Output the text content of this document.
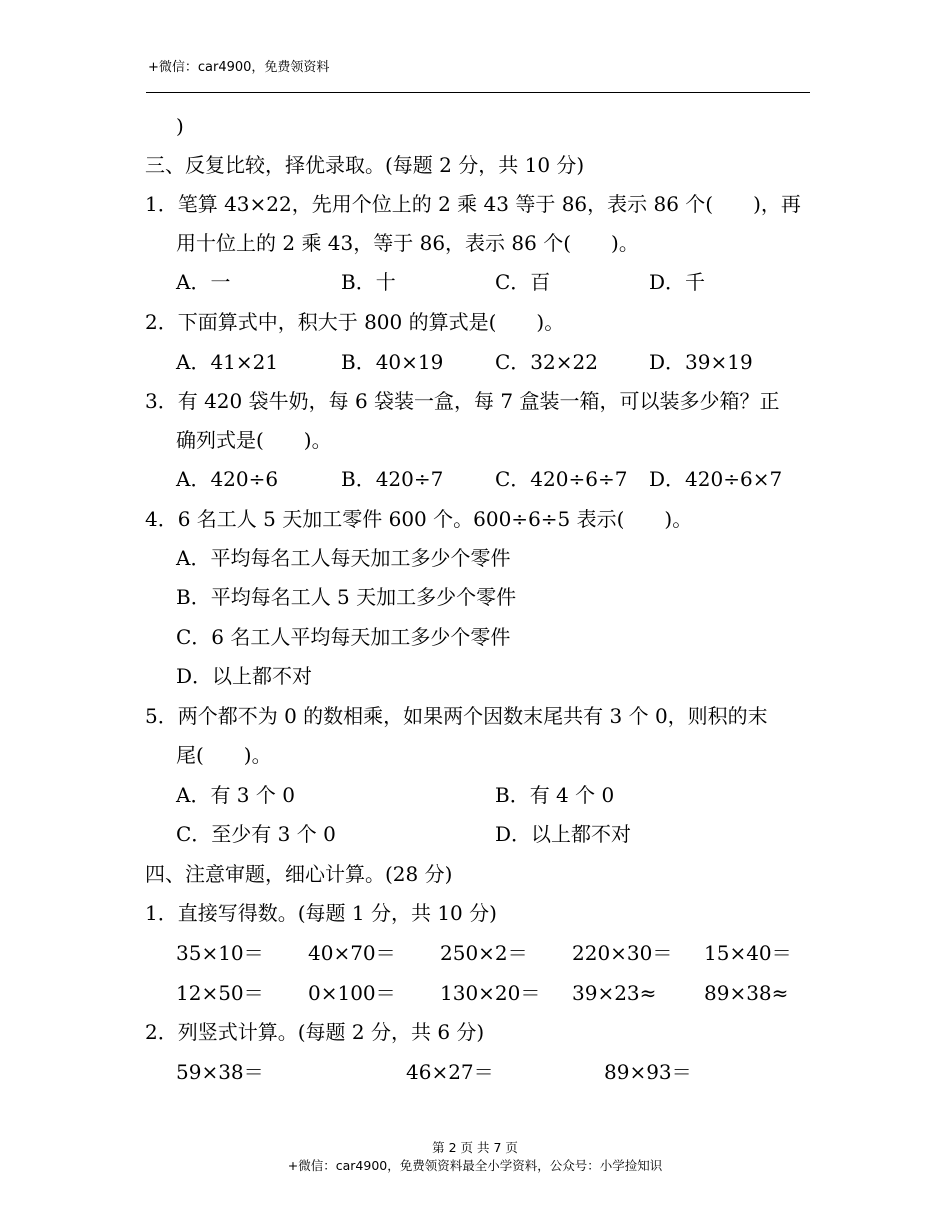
+微信：car4900，免费领资料
)
三、反复比较，择优录取。(每题 2 分，共 10 分)
1．笔算 43×22，先用个位上的 2 乘 43 等于 86，表示 86 个(　　)，再
用十位上的 2 乘 43，等于 86，表示 86 个(　　)。
A．一	B．十	C．百	D．千
2．下面算式中，积大于 800 的算式是(　　)。
A．41×21	B．40×19	C．32×22	D．39×19
3．有 420 袋牛奶，每 6 袋装一盒，每 7 盒装一箱，可以装多少箱？正
确列式是(　　)。
A．420÷6	B．420÷7	C．420÷6÷7 D．420÷6×7
4．6 名工人 5 天加工零件 600 个。600÷6÷5 表示(　　)。
A．平均每名工人每天加工多少个零件
B．平均每名工人 5 天加工多少个零件
C．6 名工人平均每天加工多少个零件
D．以上都不对
5．两个都不为 0 的数相乘，如果两个因数末尾共有 3 个 0，则积的末
尾(　　)。
A．有 3 个 0	B．有 4 个 0
C．至少有 3 个 0	D．以上都不对
四、注意审题，细心计算。(28 分)
1．直接写得数。(每题 1 分，共 10 分)
35×10＝ 40×70＝ 250×2＝ 220×30＝ 15×40＝
12×50＝ 0×100＝ 130×20＝ 39×23≈ 89×38≈
2．列竖式计算。(每题 2 分，共 6 分)
59×38＝	46×27＝	89×93＝
第 2 页 共 7 页
+微信：car4900，免费领资料最全小学资料，公众号：小学捡知识
